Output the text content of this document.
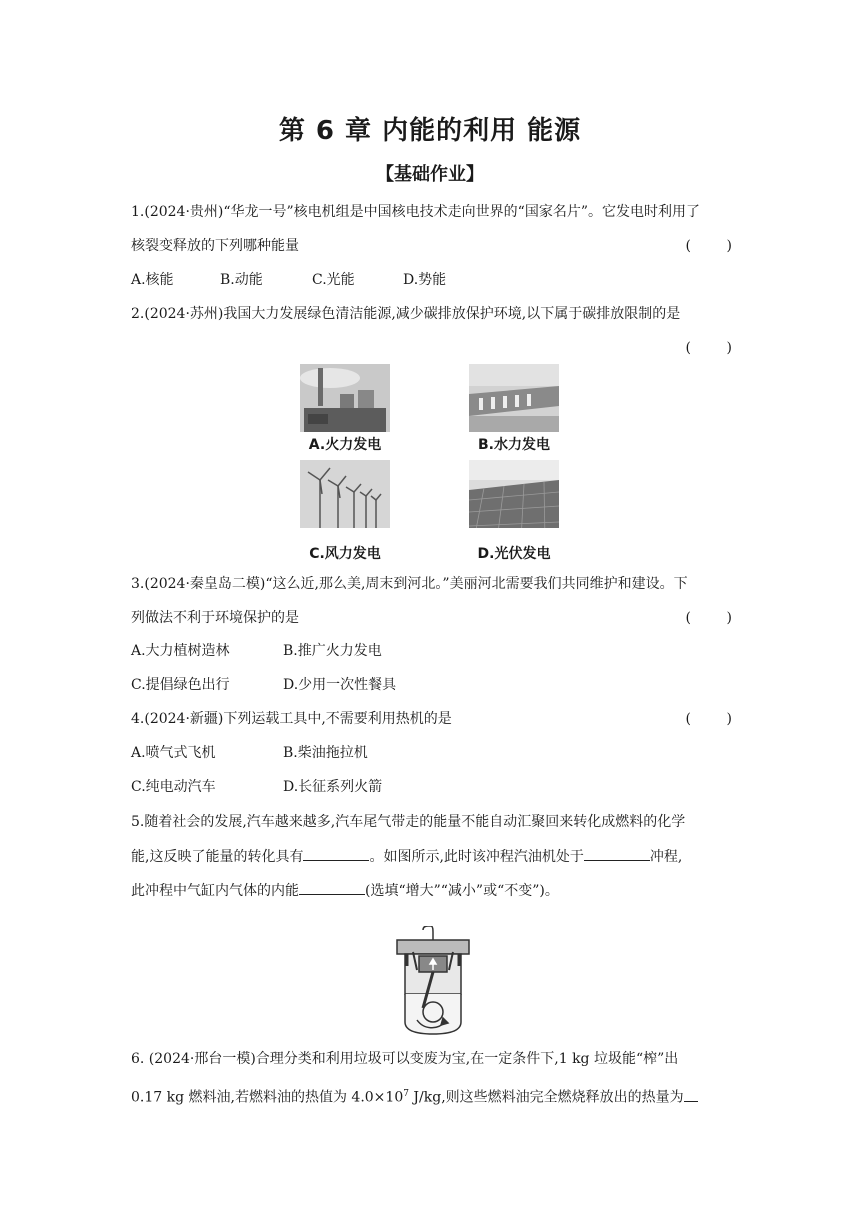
第 6 章 内能的利用 能源
【基础作业】
1.(2024·贵州)“华龙一号”核电机组是中国核电技术走向世界的“国家名片”。它发电时利用了
核裂变释放的下列哪种能量	(        )
A.核能	B.动能	C.光能	D.势能
2.(2024·苏州)我国大力发展绿色清洁能源,减少碳排放保护环境,以下属于碳排放限制的是
(        )
A.火力发电	B.水力发电
C.风力发电	D.光伏发电
3.(2024·秦皇岛二模)“这么近,那么美,周末到河北。”美丽河北需要我们共同维护和建设。下
列做法不利于环境保护的是	(        )
A.大力植树造林	B.推广火力发电
C.提倡绿色出行	D.少用一次性餐具
4.(2024·新疆)下列运载工具中,不需要利用热机的是	(        )
A.喷气式飞机	B.柴油拖拉机
C.纯电动汽车	D.长征系列火箭
5.随着社会的发展,汽车越来越多,汽车尾气带走的能量不能自动汇聚回来转化成燃料的化学
能,这反映了能量的转化具有	。如图所示,此时该冲程汽油机处于	冲程,
此冲程中气缸内气体的内能	(选填“增大”“减小”或“不变”)。
6. (2024·邢台一模)合理分类和利用垃圾可以变废为宝,在一定条件下,1 kg 垃圾能“榨”出
0.17 kg 燃料油,若燃料油的热值为 $4.0\times 10^7$ J/kg,则这些燃料油完全燃烧释放出的热量为
